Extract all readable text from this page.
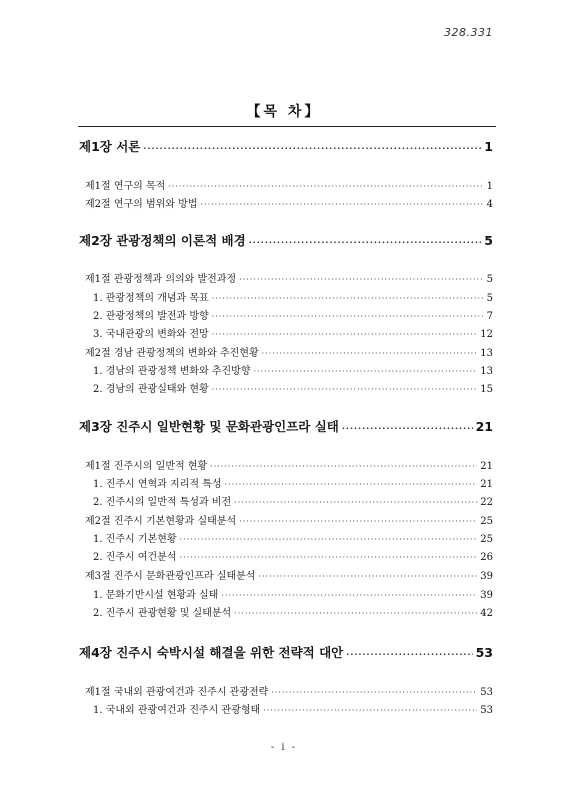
328.331
【목 차】
제1장 서론 ·····	1
제1절 연구의 목적 ·····	1
제2절 연구의 범위와 방법 ·····	4
제2장 관광정책의 이론적 배경 ·····	5
제1절 관광정책과 의의와 발전과정 ·····	5
1. 관광정책의 개념과 목표 ·····	5
2. 관광정책의 발전과 방향 ·····	7
3. 국내관광의 변화와 전망 ·····	12
제2절 경남 관광정책의 변화와 추진현황 ·····	13
1. 경남의 관광정책 변화와 추진방향 ·····	13
2. 경남의 관광실태와 현황 ·····	15
제3장 진주시 일반현황 및 문화관광인프라 실태 ·····	21
제1절 진주시의 일반적 현황 ·····	21
1. 진주시 연혁과 지리적 특성 ·····	21
2. 진주시의 일반적 특성과 비전 ·····	22
제2절 진주시 기본현황과 실태분석 ·····	25
1. 진주시 기본현황 ·····	25
2. 진주시 여건분석 ·····	26
제3절 진주시 문화관광인프라 실태분석 ·····	39
1. 문화기반시설 현황과 실태 ·····	39
2. 진주시 관광현황 및 실태분석 ·····	42
제4장 진주시 숙박시설 해결을 위한 전략적 대안 ·····	53
제1절 국내외 관광여건과 진주시 관광전략 ·····	53
1. 국내외 관광여건과 진주시 관광형태 ·····	53
- i -
